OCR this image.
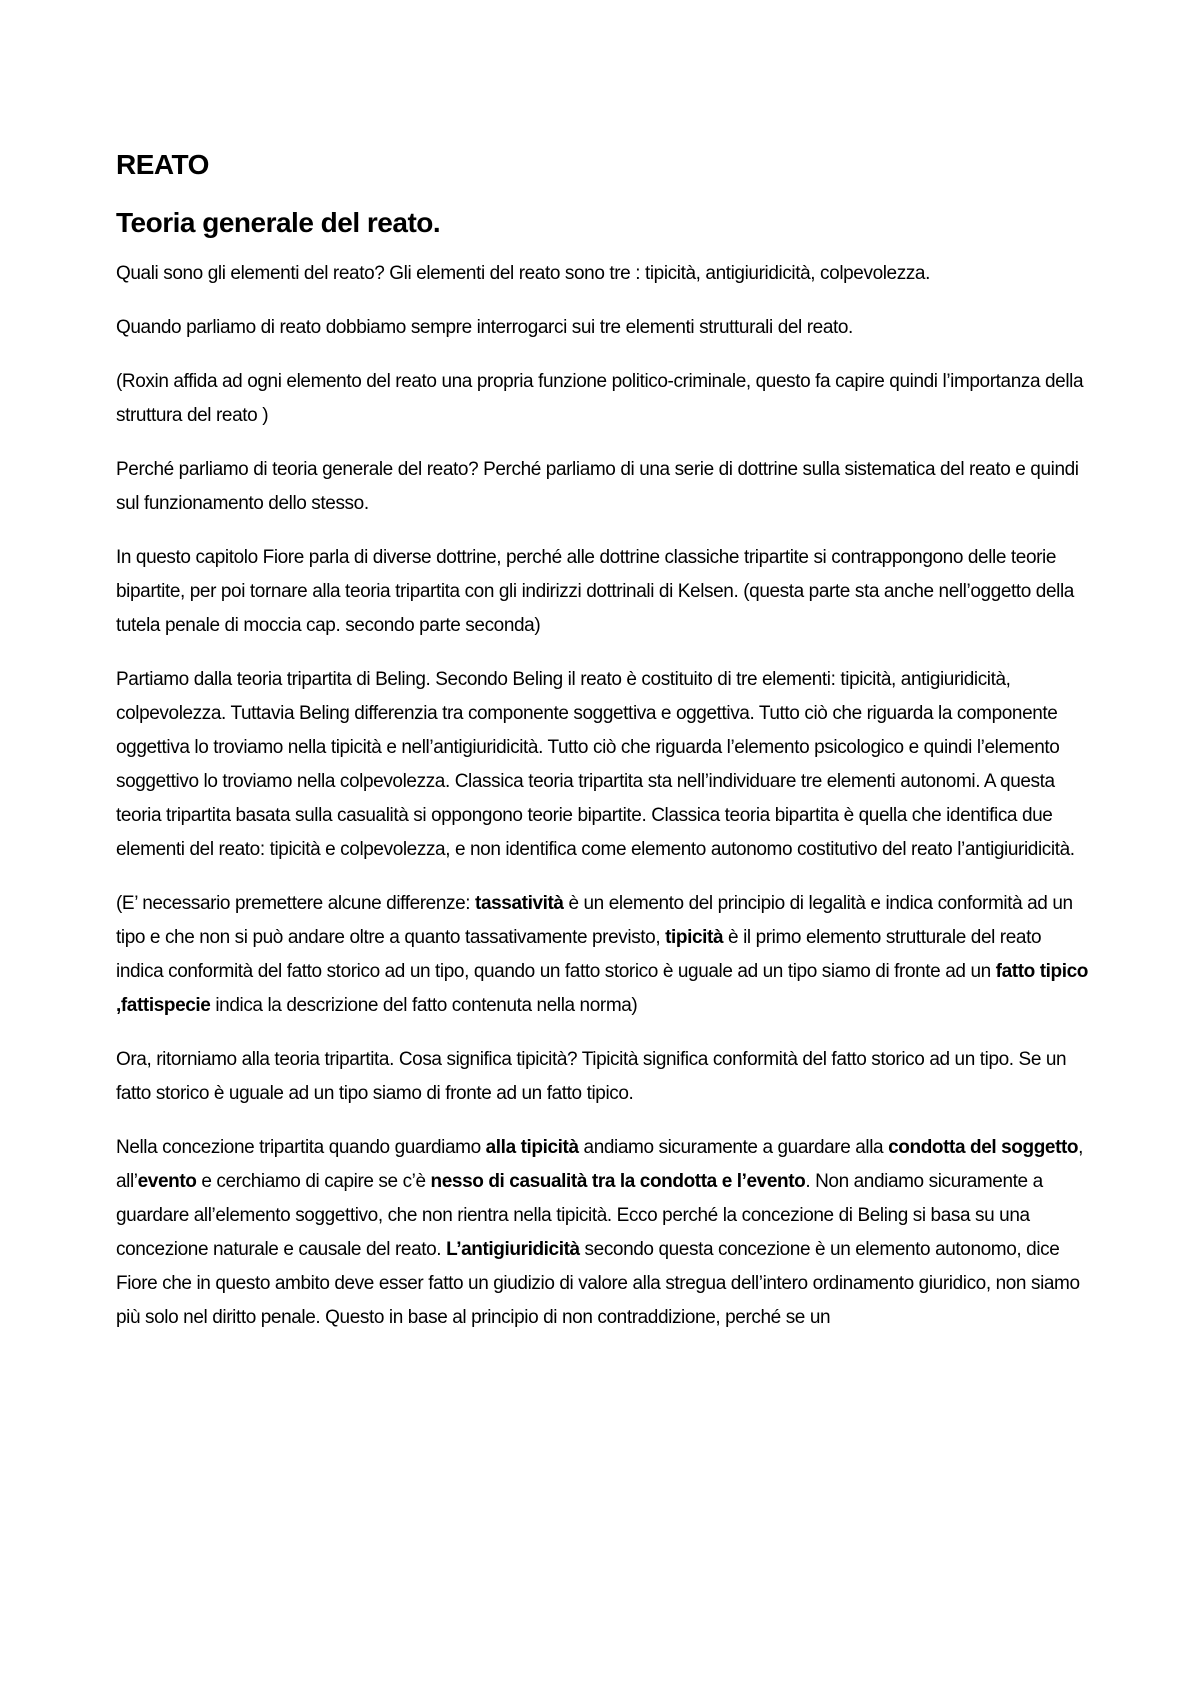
REATO
Teoria generale del reato.

Quali sono gli elementi del reato? Gli elementi del reato sono tre : tipicità, antigiuridicità, colpevolezza.

Quando parliamo di reato dobbiamo sempre interrogarci sui tre elementi strutturali del reato.

(Roxin affida ad ogni elemento del reato una propria funzione politico-criminale, questo fa capire quindi l’importanza della struttura del reato )

Perché parliamo di teoria generale del reato? Perché parliamo di una serie di dottrine sulla sistematica del reato e quindi sul funzionamento dello stesso.

In questo capitolo Fiore parla di diverse dottrine, perché alle dottrine classiche tripartite si contrappongono delle teorie bipartite, per poi tornare alla teoria tripartita con gli indirizzi dottrinali di Kelsen. (questa parte sta anche nell’oggetto della tutela penale di moccia cap. secondo parte seconda)

Partiamo dalla teoria tripartita di Beling. Secondo Beling il reato è costituito di tre elementi: tipicità, antigiuridicità, colpevolezza. Tuttavia Beling differenzia tra componente soggettiva e oggettiva. Tutto ciò che riguarda la componente oggettiva lo troviamo nella tipicità e nell’antigiuridicità. Tutto ciò che riguarda l’elemento psicologico e quindi l’elemento soggettivo lo troviamo nella colpevolezza. Classica teoria tripartita sta nell’individuare tre elementi autonomi. A questa teoria tripartita basata sulla casualità si oppongono teorie bipartite. Classica teoria bipartita è quella che identifica due elementi del reato: tipicità e colpevolezza, e non identifica come elemento autonomo costitutivo del reato l’antigiuridicità.

(E’ necessario premettere alcune differenze: tassatività è un elemento del principio di legalità e indica conformità ad un tipo e che non si può andare oltre a quanto tassativamente previsto, tipicità è il primo elemento strutturale del reato indica conformità del fatto storico ad un tipo, quando un fatto storico è uguale ad un tipo siamo di fronte ad un fatto tipico ,fattispecie indica la descrizione del fatto contenuta nella norma)

Ora, ritorniamo alla teoria tripartita. Cosa significa tipicità? Tipicità significa conformità del fatto storico ad un tipo. Se un fatto storico è uguale ad un tipo siamo di fronte ad un fatto tipico.

Nella concezione tripartita quando guardiamo alla tipicità andiamo sicuramente a guardare alla condotta del soggetto, all’evento e cerchiamo di capire se c’è nesso di casualità tra la condotta e l’evento. Non andiamo sicuramente a guardare all’elemento soggettivo, che non rientra nella tipicità. Ecco perché la concezione di Beling si basa su una concezione naturale e causale del reato. L’antigiuridicità secondo questa concezione è un elemento autonomo, dice Fiore che in questo ambito deve esser fatto un giudizio di valore alla stregua dell’intero ordinamento giuridico, non siamo più solo nel diritto penale. Questo in base al principio di non contraddizione, perché se un
